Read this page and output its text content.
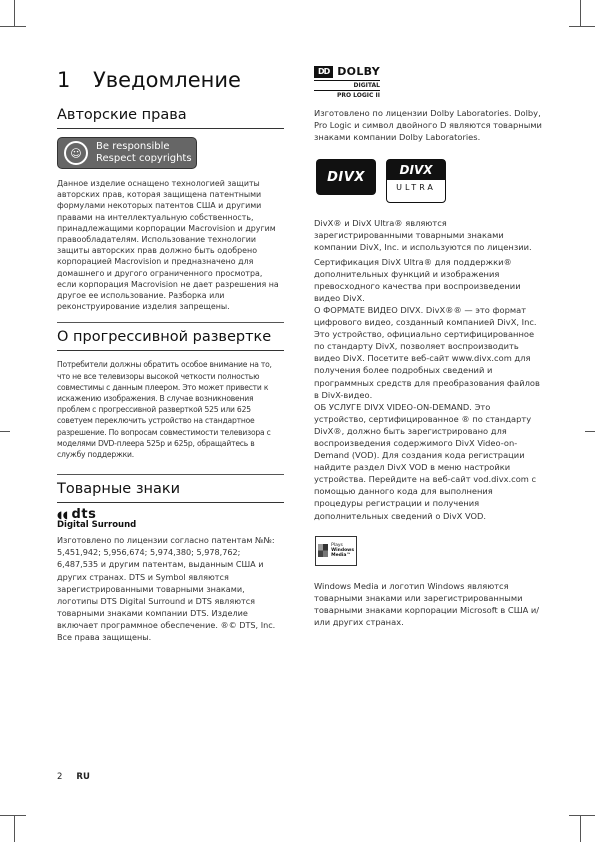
1 Уведомление
Авторские права
☺	Be responsible
Respect copyrights

Данное изделие оснащено технологией защиты авторских прав, которая защищена патентными формулами некоторых патентов США и другими правами на интеллектуальную собственность, принадлежащими корпорации Macrovision и другим правообладателям. Использование технологии защиты авторских прав должно быть одобрено корпорацией Macrovision и предназначено для домашнего и другого ограниченного просмотра, если корпорация Macrovision не дает разрешения на другое ее использование. Разборка или реконструирование изделия запрещены.

О прогрессивной развертке

Потребители должны обратить особое внимание на то, что не все телевизоры высокой четкости полностью совместимы с данным плеером. Это может привести к искажению изображения. В случае возникновения проблем с прогрессивной разверткой 525 или 625 советуем переключить устройство на стандартное разрешение. По вопросам совместимости телевизора с моделями DVD-плеера 525p и 625p, обращайтесь в службу поддержки.

Товарные знаки
◖◖ dts
Digital Surround

Изготовлено по лицензии согласно патентам №№: 5,451,942; 5,956,674; 5,974,380; 5,978,762; 6,487,535 и другим патентам, выданным США и других странах. DTS и Symbol являются зарегистрированными товарными знаками, логотипы DTS Digital Surround и DTS являются товарными знаками компании DTS. Изделие включает программное обеспечение. ®© DTS, Inc. Все права защищены.

DD DOLBY
DIGITAL
PRO LOGIC II

Изготовлено по лицензии Dolby Laboratories. Dolby, Pro Logic и символ двойного D являются товарными знаками компании Dolby Laboratories.

DIVX	DIVX
ULTRA

DivX® и DivX Ultra® являются зарегистрированными товарными знаками компании DivX, Inc. и используются по лицензии.

Сертификация DivX Ultra® для поддержки® дополнительных функций и изображения превосходного качества при воспроизведении видео DivX.

О ФОРМАТЕ ВИДЕО DIVX. DivX®® — это формат цифрового видео, созданный компанией DivX, Inc. Это устройство, официально сертифицированное по стандарту DivX, позволяет воспроизводить видео DivX. Посетите веб-сайт www.divx.com для получения более подробных сведений и программных средств для преобразования файлов в DivX-видео.

ОБ УСЛУГЕ DIVX VIDEO-ON-DEMAND. Это устройство, сертифицированное ® по стандарту DivX®, должно быть зарегистрировано для воспроизведения содержимого DivX Video-on-Demand (VOD). Для создания кода регистрации найдите раздел DivX VOD в меню настройки устройства. Перейдите на веб-сайт vod.divx.com с помощью данного кода для выполнения процедуры регистрации и получения дополнительных сведений о DivX VOD.

Plays
Windows
Media™

Windows Media и логотип Windows являются товарными знаками или зарегистрированными товарными знаками корпорации Microsoft в США и/или других странах.

2 RU
